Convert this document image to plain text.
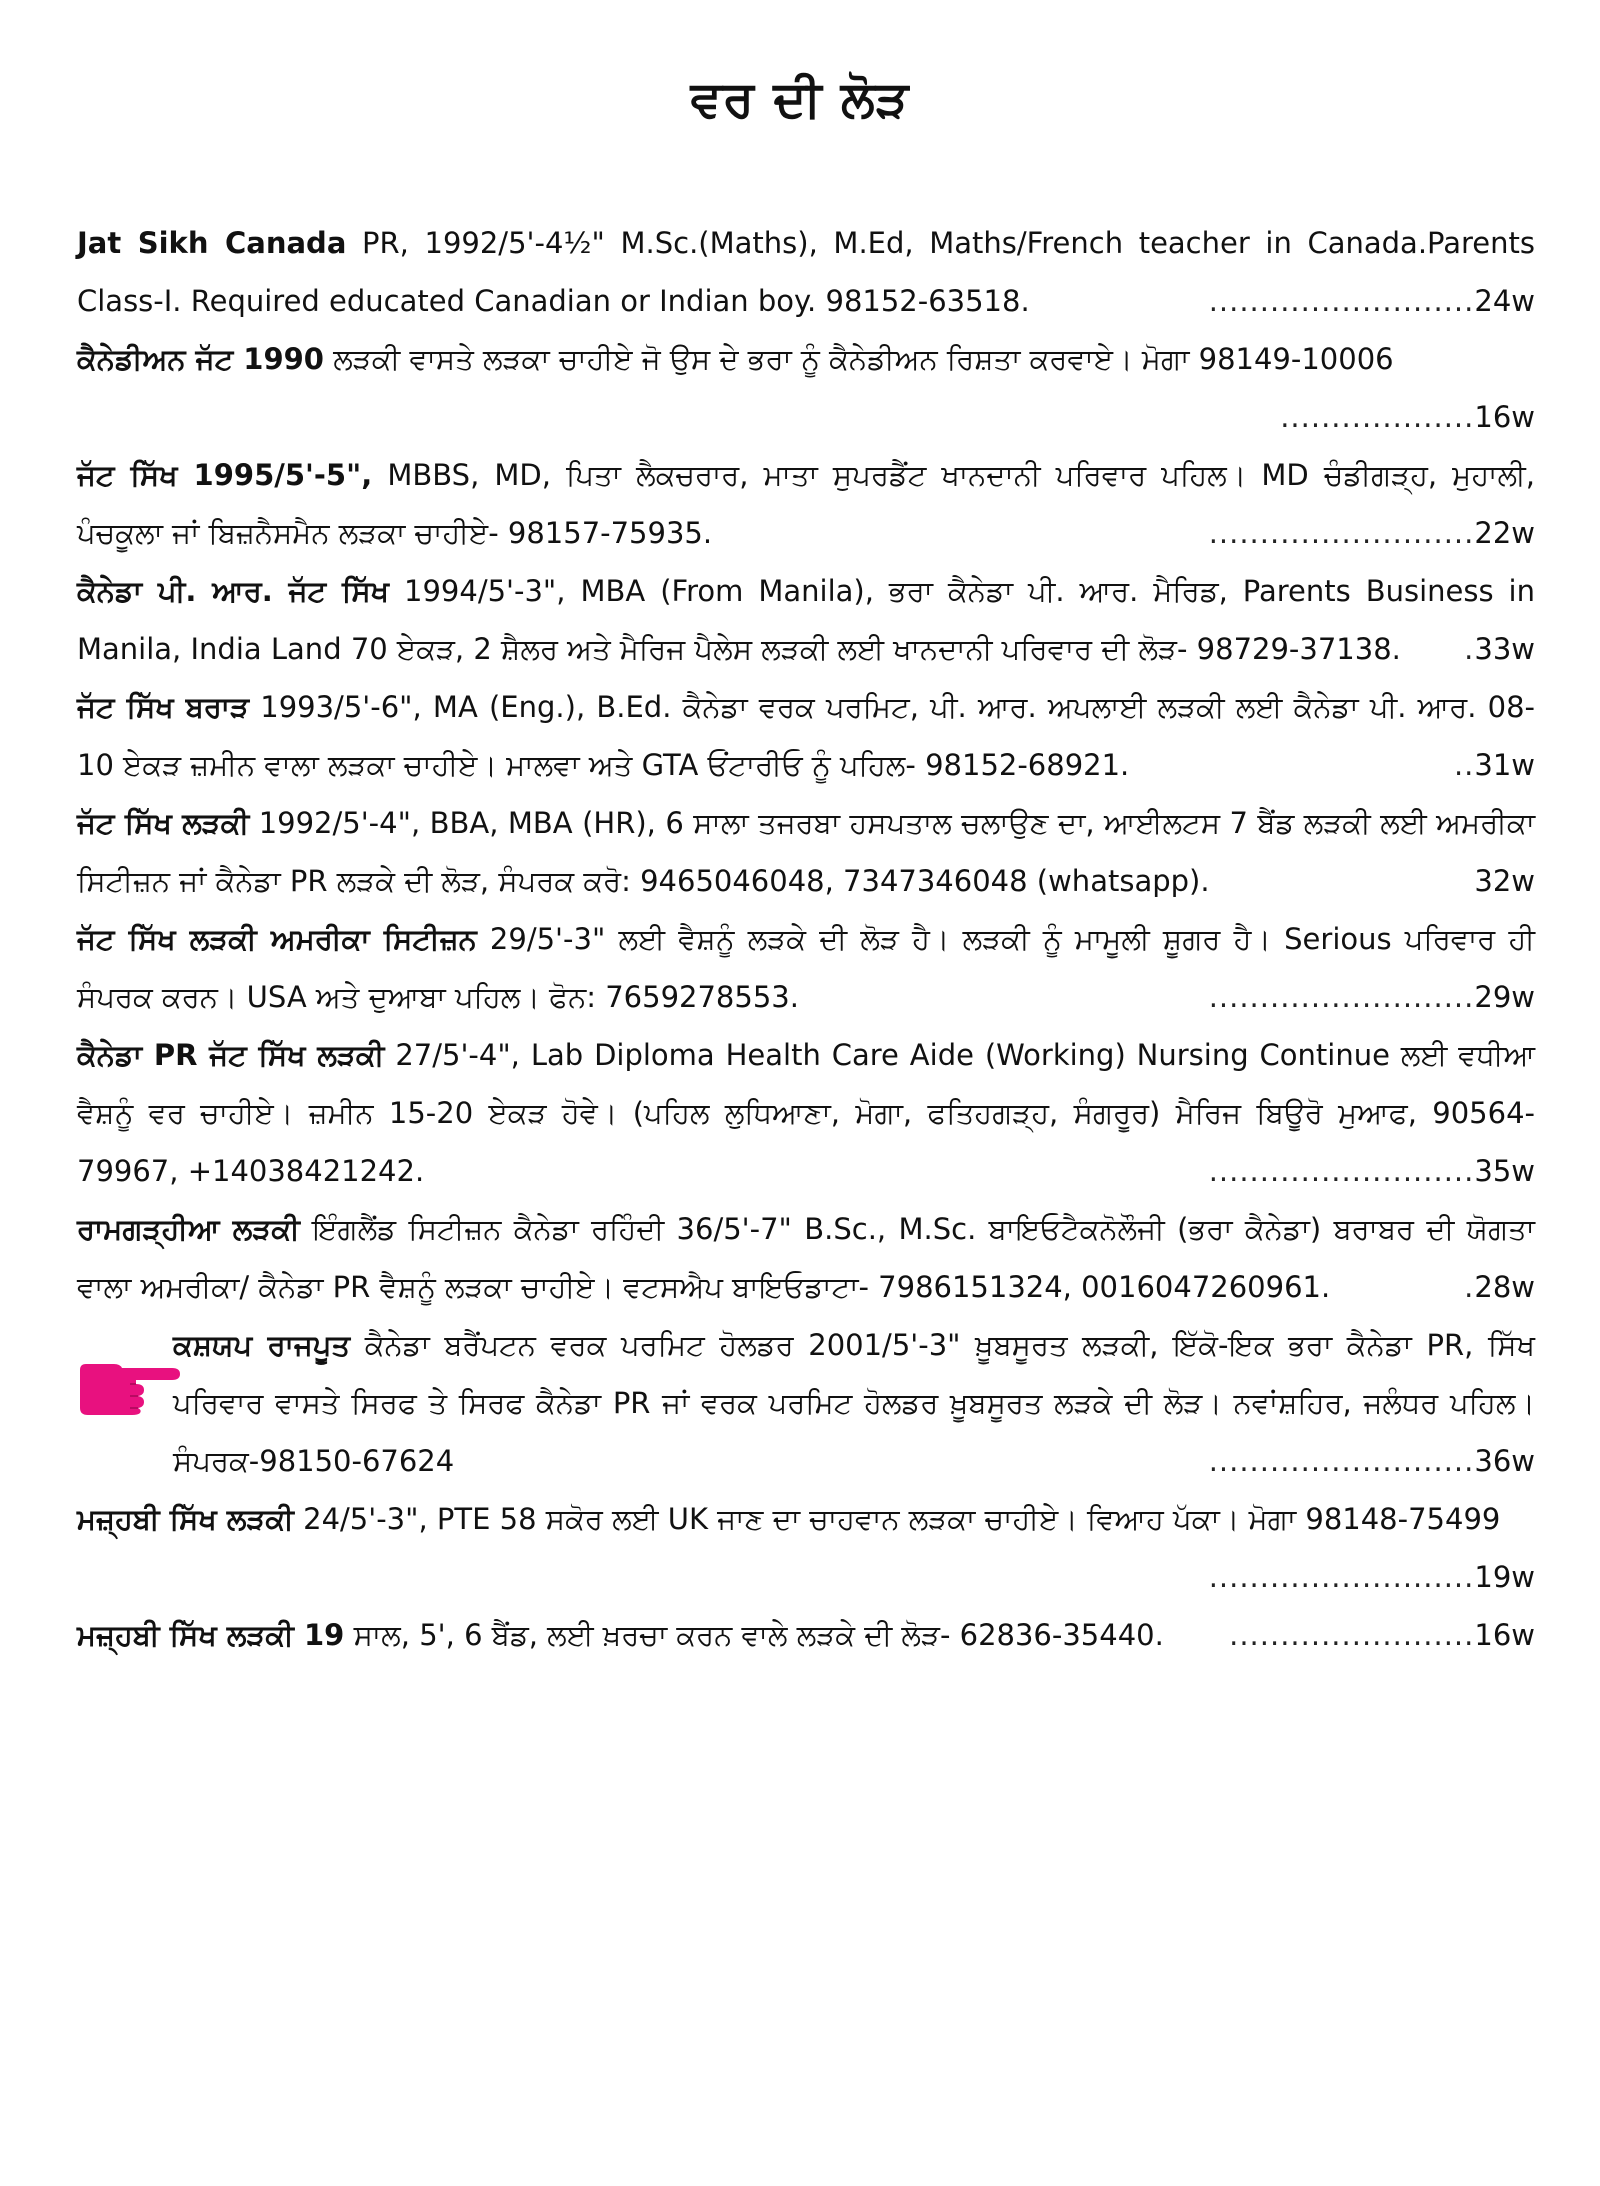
ਵਰ ਦੀ ਲੋੜ
Jat Sikh Canada PR, 1992/5'-4½" M.Sc.(Maths), M.Ed, Maths/French teacher in Canada.Parents Class-I. Required educated Canadian or Indian boy. 98152-63518.	..... 24w
ਕੈਨੇਡੀਅਨ ਜੱਟ 1990 ਲੜਕੀ ਵਾਸਤੇ ਲੜਕਾ ਚਾਹੀਏ ਜੋ ਉਸ ਦੇ ਭਰਾ ਨੂੰ ਕੈਨੇਡੀਅਨ ਰਿਸ਼ਤਾ ਕਰਵਾਏ। ਮੋਗਾ 98149-10006
..... 16w
ਜੱਟ ਸਿੱਖ 1995/5'-5", MBBS, MD, ਪਿਤਾ ਲੈਕਚਰਾਰ, ਮਾਤਾ ਸੁਪਰਡੈਂਟ ਖਾਨਦਾਨੀ ਪਰਿਵਾਰ ਪਹਿਲ। MD ਚੰਡੀਗੜ੍ਹ, ਮੁਹਾਲੀ, ਪੰਚਕੂਲਾ ਜਾਂ ਬਿਜ਼ਨੈਸਮੈਨ ਲੜਕਾ ਚਾਹੀਏ- 98157-75935.	..... 22w
ਕੈਨੇਡਾ ਪੀ. ਆਰ. ਜੱਟ ਸਿੱਖ 1994/5'-3", MBA (From Manila), ਭਰਾ ਕੈਨੇਡਾ ਪੀ. ਆਰ. ਮੈਰਿਡ, Parents Business in Manila, India Land 70 ਏਕੜ, 2 ਸ਼ੈਲਰ ਅਤੇ ਮੈਰਿਜ ਪੈਲੇਸ ਲੜਕੀ ਲਈ ਖਾਨਦਾਨੀ ਪਰਿਵਾਰ ਦੀ ਲੋੜ- 98729-37138.	. 33w
ਜੱਟ ਸਿੱਖ ਬਰਾੜ 1993/5'-6", MA (Eng.), B.Ed. ਕੈਨੇਡਾ ਵਰਕ ਪਰਮਿਟ, ਪੀ. ਆਰ. ਅਪਲਾਈ ਲੜਕੀ ਲਈ ਕੈਨੇਡਾ ਪੀ. ਆਰ. 08-10 ਏਕੜ ਜ਼ਮੀਨ ਵਾਲਾ ਲੜਕਾ ਚਾਹੀਏ। ਮਾਲਵਾ ਅਤੇ GTA ਓਂਟਾਰੀਓ ਨੂੰ ਪਹਿਲ- 98152-68921.	.. 31w
ਜੱਟ ਸਿੱਖ ਲੜਕੀ 1992/5'-4", BBA, MBA (HR), 6 ਸਾਲਾ ਤਜਰਬਾ ਹਸਪਤਾਲ ਚਲਾਉਣ ਦਾ, ਆਈਲਟਸ 7 ਬੈਂਡ ਲੜਕੀ ਲਈ ਅਮਰੀਕਾ ਸਿਟੀਜ਼ਨ ਜਾਂ ਕੈਨੇਡਾ PR ਲੜਕੇ ਦੀ ਲੋੜ, ਸੰਪਰਕ ਕਰੋ: 9465046048, 7347346048 (whatsapp).	32w
ਜੱਟ ਸਿੱਖ ਲੜਕੀ ਅਮਰੀਕਾ ਸਿਟੀਜ਼ਨ 29/5'-3" ਲਈ ਵੈਸ਼ਨੂੰ ਲੜਕੇ ਦੀ ਲੋੜ ਹੈ। ਲੜਕੀ ਨੂੰ ਮਾਮੂਲੀ ਸ਼ੂਗਰ ਹੈ। Serious ਪਰਿਵਾਰ ਹੀ ਸੰਪਰਕ ਕਰਨ। USA ਅਤੇ ਦੁਆਬਾ ਪਹਿਲ। ਫੋਨ: 7659278553.	..... 29w
ਕੈਨੇਡਾ PR ਜੱਟ ਸਿੱਖ ਲੜਕੀ 27/5'-4", Lab Diploma Health Care Aide (Working) Nursing Continue ਲਈ ਵਧੀਆ ਵੈਸ਼ਨੂੰ ਵਰ ਚਾਹੀਏ। ਜ਼ਮੀਨ 15-20 ਏਕੜ ਹੋਵੇ। (ਪਹਿਲ ਲੁਧਿਆਣਾ, ਮੋਗਾ, ਫਤਿਹਗੜ੍ਹ, ਸੰਗਰੂਰ) ਮੈਰਿਜ ਬਿਊਰੋ ਮੁਆਫ, 90564-79967, +14038421242.	..... 35w
ਰਾਮਗੜ੍ਹੀਆ ਲੜਕੀ ਇੰਗਲੈਂਡ ਸਿਟੀਜ਼ਨ ਕੈਨੇਡਾ ਰਹਿੰਦੀ 36/5'-7" B.Sc., M.Sc. ਬਾਇਓਟੈਕਨੋਲੌਜੀ (ਭਰਾ ਕੈਨੇਡਾ) ਬਰਾਬਰ ਦੀ ਯੋਗਤਾ ਵਾਲਾ ਅਮਰੀਕਾ/ ਕੈਨੇਡਾ PR ਵੈਸ਼ਨੂੰ ਲੜਕਾ ਚਾਹੀਏ। ਵਟਸਐਪ ਬਾਇਓਡਾਟਾ- 7986151324, 0016047260961.	. 28w
ਕਸ਼ਯਪ ਰਾਜਪੂਤ ਕੈਨੇਡਾ ਬਰੈਂਪਟਨ ਵਰਕ ਪਰਮਿਟ ਹੋਲਡਰ 2001/5'-3" ਖ਼ੂਬਸੂਰਤ ਲੜਕੀ, ਇੱਕੋ-ਇਕ ਭਰਾ ਕੈਨੇਡਾ PR, ਸਿੱਖ ਪਰਿਵਾਰ ਵਾਸਤੇ ਸਿਰਫ ਤੇ ਸਿਰਫ ਕੈਨੇਡਾ PR ਜਾਂ ਵਰਕ ਪਰਮਿਟ ਹੋਲਡਰ ਖ਼ੂਬਸੂਰਤ ਲੜਕੇ ਦੀ ਲੋੜ। ਨਵਾਂਸ਼ਹਿਰ, ਜਲੰਧਰ ਪਹਿਲ। ਸੰਪਰਕ-98150-67624	..... 36w
ਮਜ਼੍ਹਬੀ ਸਿੱਖ ਲੜਕੀ 24/5'-3", PTE 58 ਸਕੋਰ ਲਈ UK ਜਾਣ ਦਾ ਚਾਹਵਾਨ ਲੜਕਾ ਚਾਹੀਏ। ਵਿਆਹ ਪੱਕਾ। ਮੋਗਾ 98148-75499
..... 19w
ਮਜ਼੍ਹਬੀ ਸਿੱਖ ਲੜਕੀ 19 ਸਾਲ, 5', 6 ਬੈਂਡ, ਲਈ ਖ਼ਰਚਾ ਕਰਨ ਵਾਲੇ ਲੜਕੇ ਦੀ ਲੋੜ- 62836-35440.	..... 16w
